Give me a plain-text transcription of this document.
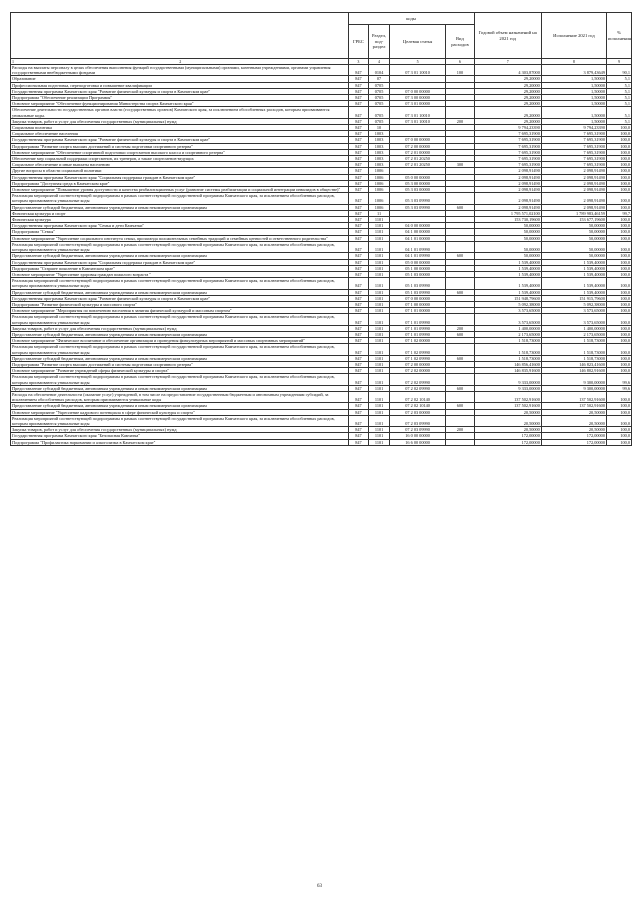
	коды				Годовой объем назначений на 2021 год	Исполнение 2021 год	% исполнения
	ГРБС	Раздел, под-раздел	Целевая статья	Вид расходов			
1	3	4	5	6	7	8	9
Расходы на выплаты персоналу в целях обеспечения выполнения функций государственными (муниципальными) органами, казенными учреждениями, органами управления государственными внебюджетными фондами	847	0104	07 3 01 10010	100	4 303,87000	3 879,43649	90,1
Образование	847	07			29,20000	1,50000	5,1
Профессиональная подготовка, переподготовка и повышение квалификации	847	0705			29,20000	1,50000	5,1
Государственная программа Камчатского края "Развитие физической культуры и спорта в Камчатском крае"	847	0705	07 0 00 00000		29,20000	1,50000	5,1
Подпрограмма "Обеспечение реализации Программы"	847	0705	07 3 00 00000		29,20000	1,50000	5,1
Основное мероприятие "Обеспечение функционирования Министерства спорта Камчатского края"	847	0705	07 3 01 00000		29,20000	1,50000	5,1
Обеспечение деятельности государственных органов власти (государственных органов) Камчатского края, за исключением обособленных расходов, которым присваиваются уникальные коды.	847	0705	07 3 01 10010		29,20000	1,50000	5,1
Закупка товаров, работ и услуг для обеспечения государственных (муниципальных) нужд	847	0705	07 3 01 10010	200	29,20000	1,50000	5,1
Социальная политика	847	10			9 794,23390	9 794,23390	100,0
Социальное обеспечение населения	847	1003			7 695,31900	7 695,31900	100,0
Государственная программа Камчатского края "Развитие физической культуры и спорта в Камчатском крае"	847	1003	07 0 00 00000		7 695,31900	7 695,31900	100,0
Подпрограмма "Развитие спорта высших достижений и системы подготовки спортивного резерва"	847	1003	07 2 00 00000		7 695,31900	7 695,31900	100,0
Основное мероприятие "Обеспечение спортивной подготовки спортсменов высокого класса и спортивного резерва"	847	1003	07 2 01 00000		7 695,31900	7 695,31900	100,0
Обеспечение мер социальной поддержки спортсменов, их тренеров, а также спортсменов-ведущих	847	1003	07 2 01 20250		7 695,31900	7 695,31900	100,0
Социальное обеспечение и иные выплаты населению	847	1003	07 2 01 20250	300	7 695,31900	7 695,31900	100,0
Другие вопросы в области социальной политики	847	1006			2 098,91490	2 098,91490	100,0
Государственная программа Камчатского края "Социальная поддержка граждан в Камчатском крае"	847	1006	05 0 00 00000		2 098,91490	2 098,91490	100,0
Подпрограмма "Доступная среда в Камчатском крае"	847	1006	05 3 00 00000		2 098,91490	2 098,91490	100,0
Основное мероприятие "Повышение уровня доступности и качества реабилитационных услуг (развитие системы реабилитации и социальной интеграции инвалидов в обществе)"	847	1006	05 3 03 00000		2 098,91490	2 098,91490	100,0
Реализация мероприятий соответствующей подпрограммы в рамках соответствующей государственной программы Камчатского края, за исключением обособленных расходов, которым присваиваются уникальные коды	847	1006	05 3 03 09990		2 098,91490	2 098,91490	100,0
Предоставление субсидий бюджетным, автономным учреждениям и иным некоммерческим организациям	847	1006	05 3 03 09990	600	2 098,91490	2 098,91490	100,0
Физическая культура и спорт	847	11			1 795 571,02100	1 789 983,46159	99,7
Физическая культура	847	1101			153 730,19600	153 677,19600	100,0
Государственная программа Камчатского края "Семья и дети Камчатки"	847	1101	04 0 00 00000		50,00000	50,00000	100,0
Подпрограмма "Семья"	847	1101	04 1 00 00000		50,00000	50,00000	100,0
Основное мероприятие "Укрепление социального института семьи, пропаганда положительных семейных традиций и семейных ценностей и ответственного родительства"	847	1101	04 1 01 00000		50,00000	50,00000	100,0
Реализация мероприятий соответствующей подпрограммы в рамках соответствующей государственной программы Камчатского края, за исключением обособленных расходов, которым присваиваются уникальные коды	847	1101	04 1 01 09990		50,00000	50,00000	100,0
Предоставление субсидий бюджетным, автономным учреждениям и иным некоммерческим организациям	847	1101	04 1 01 09990	600	50,00000	50,00000	100,0
Государственная программа Камчатского края "Социальная поддержка граждан в Камчатском крае"	847	1101	05 0 00 00000		1 539,40000	1 539,40000	100,0
Подпрограмма "Старшее поколение в Камчатском крае"	847	1101	05 1 00 00000		1 539,40000	1 539,40000	100,0
Основное мероприятие "Укрепление здоровья граждан пожилого возраста "	847	1101	05 1 03 00000		1 539,40000	1 539,40000	100,0
Реализация мероприятий соответствующей подпрограммы в рамках соответствующей государственной программы Камчатского края, за исключением обособленных расходов, которым присваиваются уникальные коды	847	1101	05 1 03 09990		1 539,40000	1 539,40000	100,0
Предоставление субсидий бюджетным, автономным учреждениям и иным некоммерческим организациям	847	1101	05 1 03 09990	600	1 539,40000	1 539,40000	100,0
Государственная программа Камчатского края "Развитие физической культуры и спорта в Камчатском крае"	847	1101	07 0 00 00000		151 948,79600	151 915,79600	100,0
Подпрограмма "Развитие физической культуры и массового спорта"	847	1101	07 1 00 00000		5 092,38000	5 092,38000	100,0
Основное мероприятие "Мероприятия по вовлечению населения в занятия физической культурой и массовым спортом"	847	1101	07 1 01 00000		3 573,65000	3 573,65000	100,0
Реализация мероприятий соответствующей подпрограммы в рамках соответствующей государственной программы Камчатского края, за исключением обособленных расходов, которым присваиваются уникальные коды	847	1101	07 1 01 09990		3 573,65000	3 573,65000	100,0
Закупка товаров, работ и услуг для обеспечения государственных (муниципальных) нужд	847	1101	07 1 01 09990	200	1 400,00000	1 400,00000	100,0
Предоставление субсидий бюджетным, автономным учреждениям и иным некоммерческим организациям	847	1101	07 1 01 09990	600	2 173,65000	2 173,65000	100,0
Основное мероприятие "Физическое воспитание и обеспечение организации и проведения физкультурных мероприятий и массовых спортивных мероприятий"	847	1101	07 1 02 00000		1 518,73000	1 518,73000	100,0
Реализация мероприятий соответствующей подпрограммы в рамках соответствующей государственной программы Камчатского края, за исключением обособленных расходов, которым присваиваются уникальные коды	847	1101	07 1 02 09990		1 518,73000	1 518,73000	100,0
Предоставление субсидий бюджетным, автономным учреждениям и иным некоммерческим организациям	847	1101	07 1 02 09990	600	1 518,73000	1 518,73000	100,0
Подпрограмма "Развитие спорта высших достижений и системы подготовки спортивного резерва"	847	1101	07 2 00 00000		146 856,41600	146 823,41600	100,0
Основное мероприятие "Развитие учреждений сферы физической культуры и спорта"	847	1101	07 2 02 00000		146 835,91600	146 802,91600	100,0
Реализация мероприятий соответствующей подпрограммы в рамках соответствующей государственной программы Камчатского края, за исключением обособленных расходов, которым присваиваются уникальные коды	847	1101	07 2 02 09990		9 333,00000	9 300,00000	99,6
Предоставление субсидий бюджетным, автономным учреждениям и иным некоммерческим организациям	847	1101	07 2 02 09990	600	9 333,00000	9 300,00000	99,6
Расходы на обеспечение деятельности (оказание услуг) учреждений, в том числе на предоставление государственным бюджетным и автономным учреждениям субсидий, за исключением обособленных расходов, которым присваиваются уникальные коды	847	1101	07 2 02 10140		137 502,91600	137 502,91600	100,0
Предоставление субсидий бюджетным, автономным учреждениям и иным некоммерческим организациям	847	1101	07 2 02 10140	600	137 502,91600	137 502,91600	100,0
Основное мероприятие "Укрепление кадрового потенциала в сфере физической культуры и спорта"	847	1101	07 2 03 00000		20,50000	20,50000	100,0
Реализация мероприятий соответствующей подпрограммы в рамках соответствующей государственной программы Камчатского края, за исключением обособленных расходов, которым присваиваются уникальные коды	847	1101	07 2 03 09990		20,50000	20,50000	100,0
Закупка товаров, работ и услуг для обеспечения государственных (муниципальных) нужд	847	1101	07 2 03 09990	200	20,50000	20,50000	100,0
Государственная программа Камчатского края "Безопасная Камчатка"	847	1101	16 0 00 00000		172,00000	172,00000	100,0
Подпрограмма "Профилактика наркомании и алкоголизма в Камчатском крае"	847	1101	16 6 00 00000		172,00000	172,00000	100,0
2
63
